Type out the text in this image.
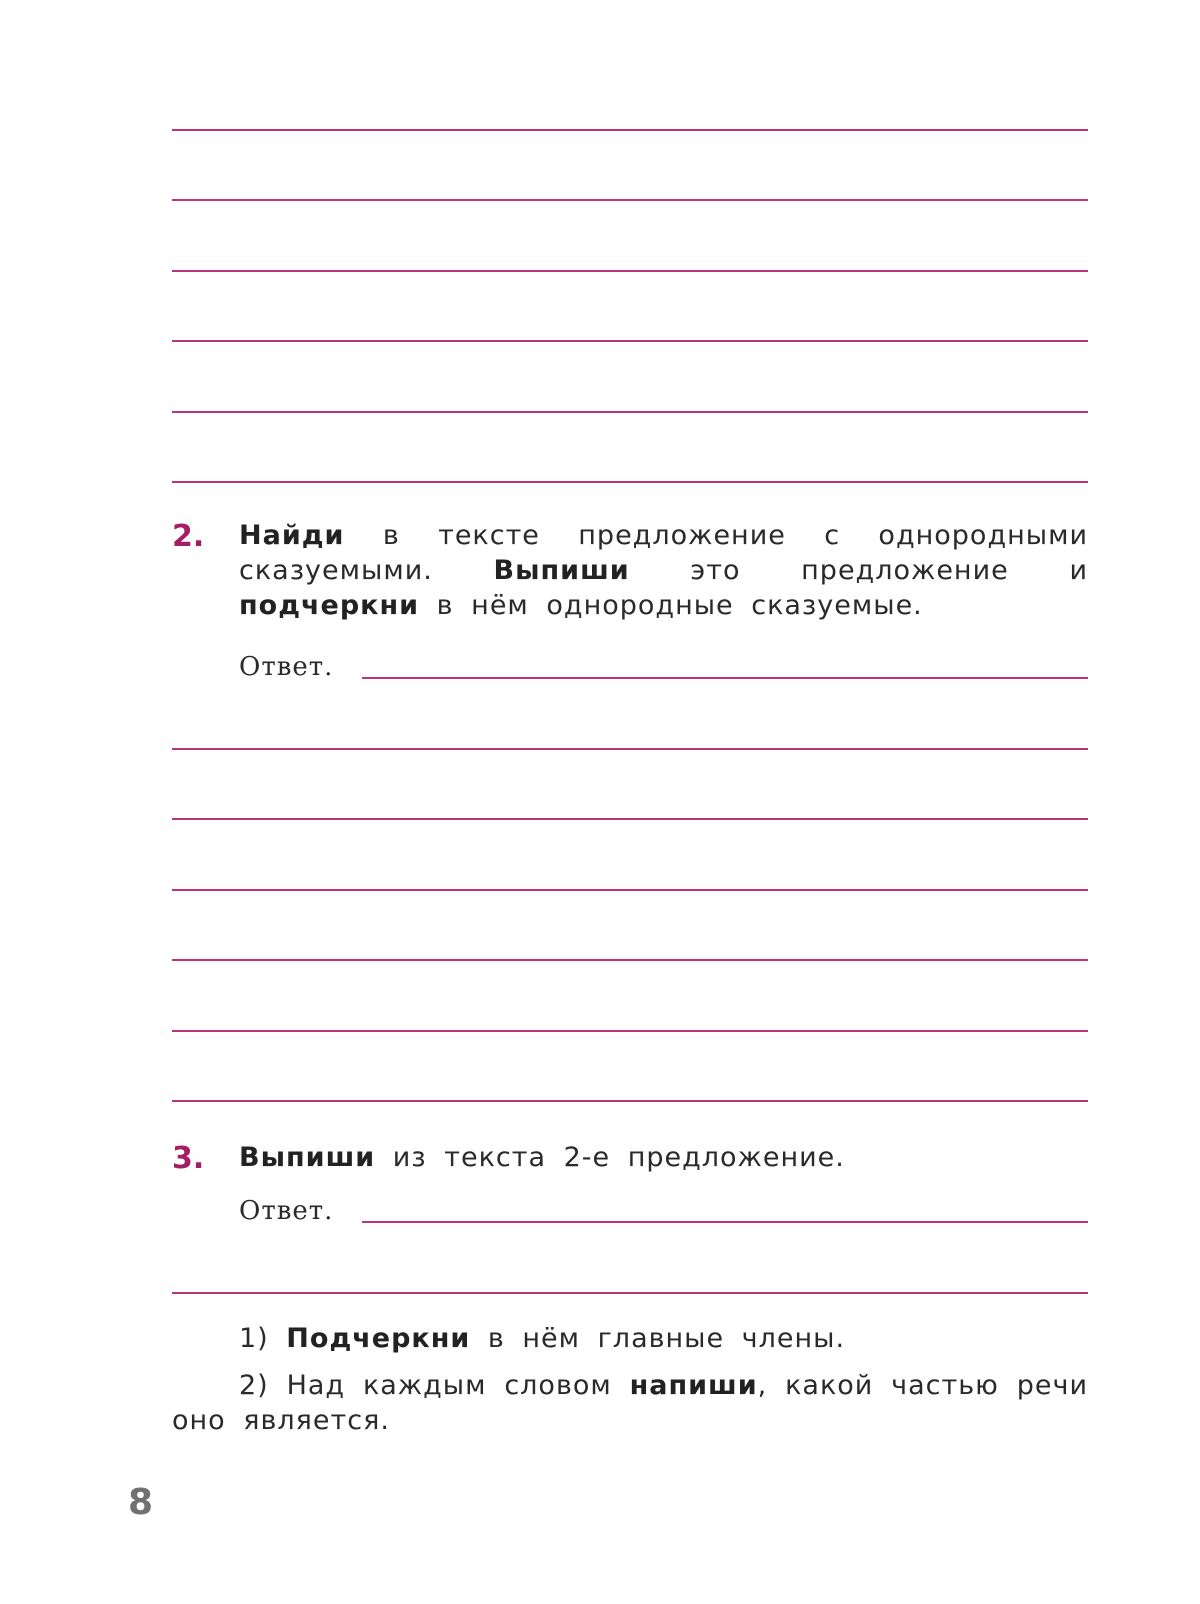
2. Найди в тексте предложение с однородными сказуемыми. Выпиши это предложение и подчеркни в нём однородные сказуемые.
Ответ.
3. Выпиши из текста 2-е предложение.
Ответ.
1) Подчеркни в нём главные члены.
2) Над каждым словом напиши, какой частью речи оно является.
8
